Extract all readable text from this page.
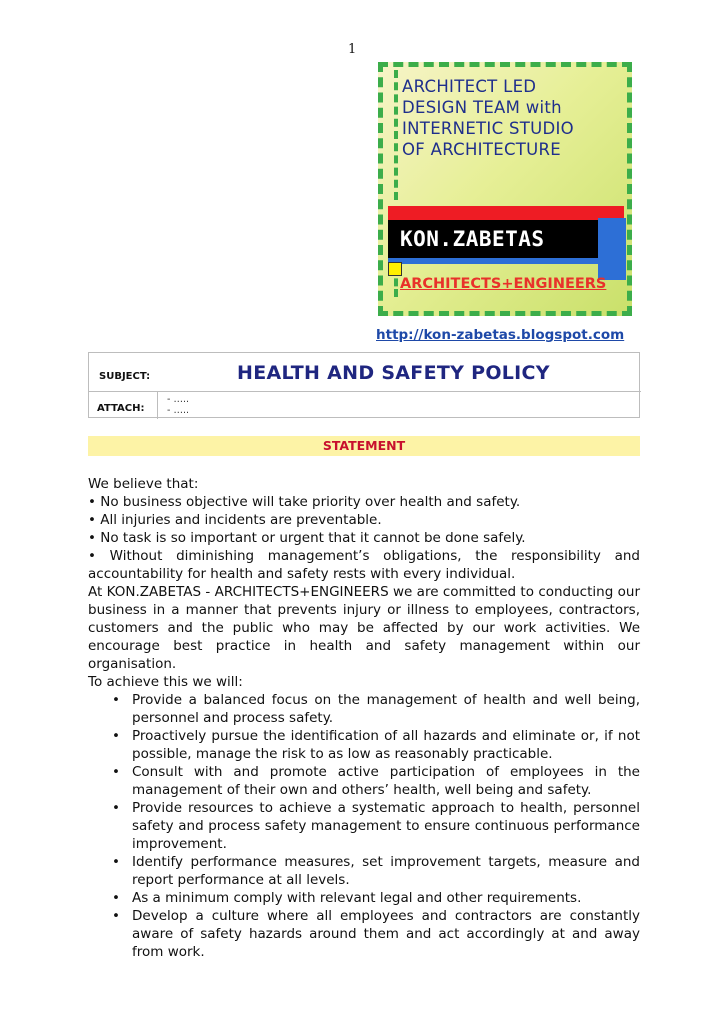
1
ARCHITECT LED
DESIGN TEAM with
INTERNETIC STUDIO
OF ARCHITECTURE
KON.ZABETAS
ARCHITECTS+ENGINEERS
http://kon-zabetas.blogspot.com
SUBJECT:	HEALTH AND SAFETY POLICY
ATTACH:
- …..
- …..
STATEMENT

We believe that:

• No business objective will take priority over health and safety.

• All injuries and incidents are preventable.

• No task is so important or urgent that it cannot be done safely.

• Without diminishing management’s obligations, the responsibility and accountability for health and safety rests with every individual.

At KON.ZABETAS - ARCHITECTS+ENGINEERS we are committed to conducting our business in a manner that prevents injury or illness to employees, contractors, customers and the public who may be affected by our work activities. We encourage best practice in health and safety management within our organisation.

To achieve this we will:

• Provide a balanced focus on the management of health and well being, personnel and process safety.
• Proactively pursue the identification of all hazards and eliminate or, if not possible, manage the risk to as low as reasonably practicable.
• Consult with and promote active participation of employees in the management of their own and others’ health, well being and safety.
• Provide resources to achieve a systematic approach to health, personnel safety and process safety management to ensure continuous performance improvement.
• Identify performance measures, set improvement targets, measure and report performance at all levels.
• As a minimum comply with relevant legal and other requirements.
• Develop a culture where all employees and contractors are constantly aware of safety hazards around them and act accordingly at and away from work.
